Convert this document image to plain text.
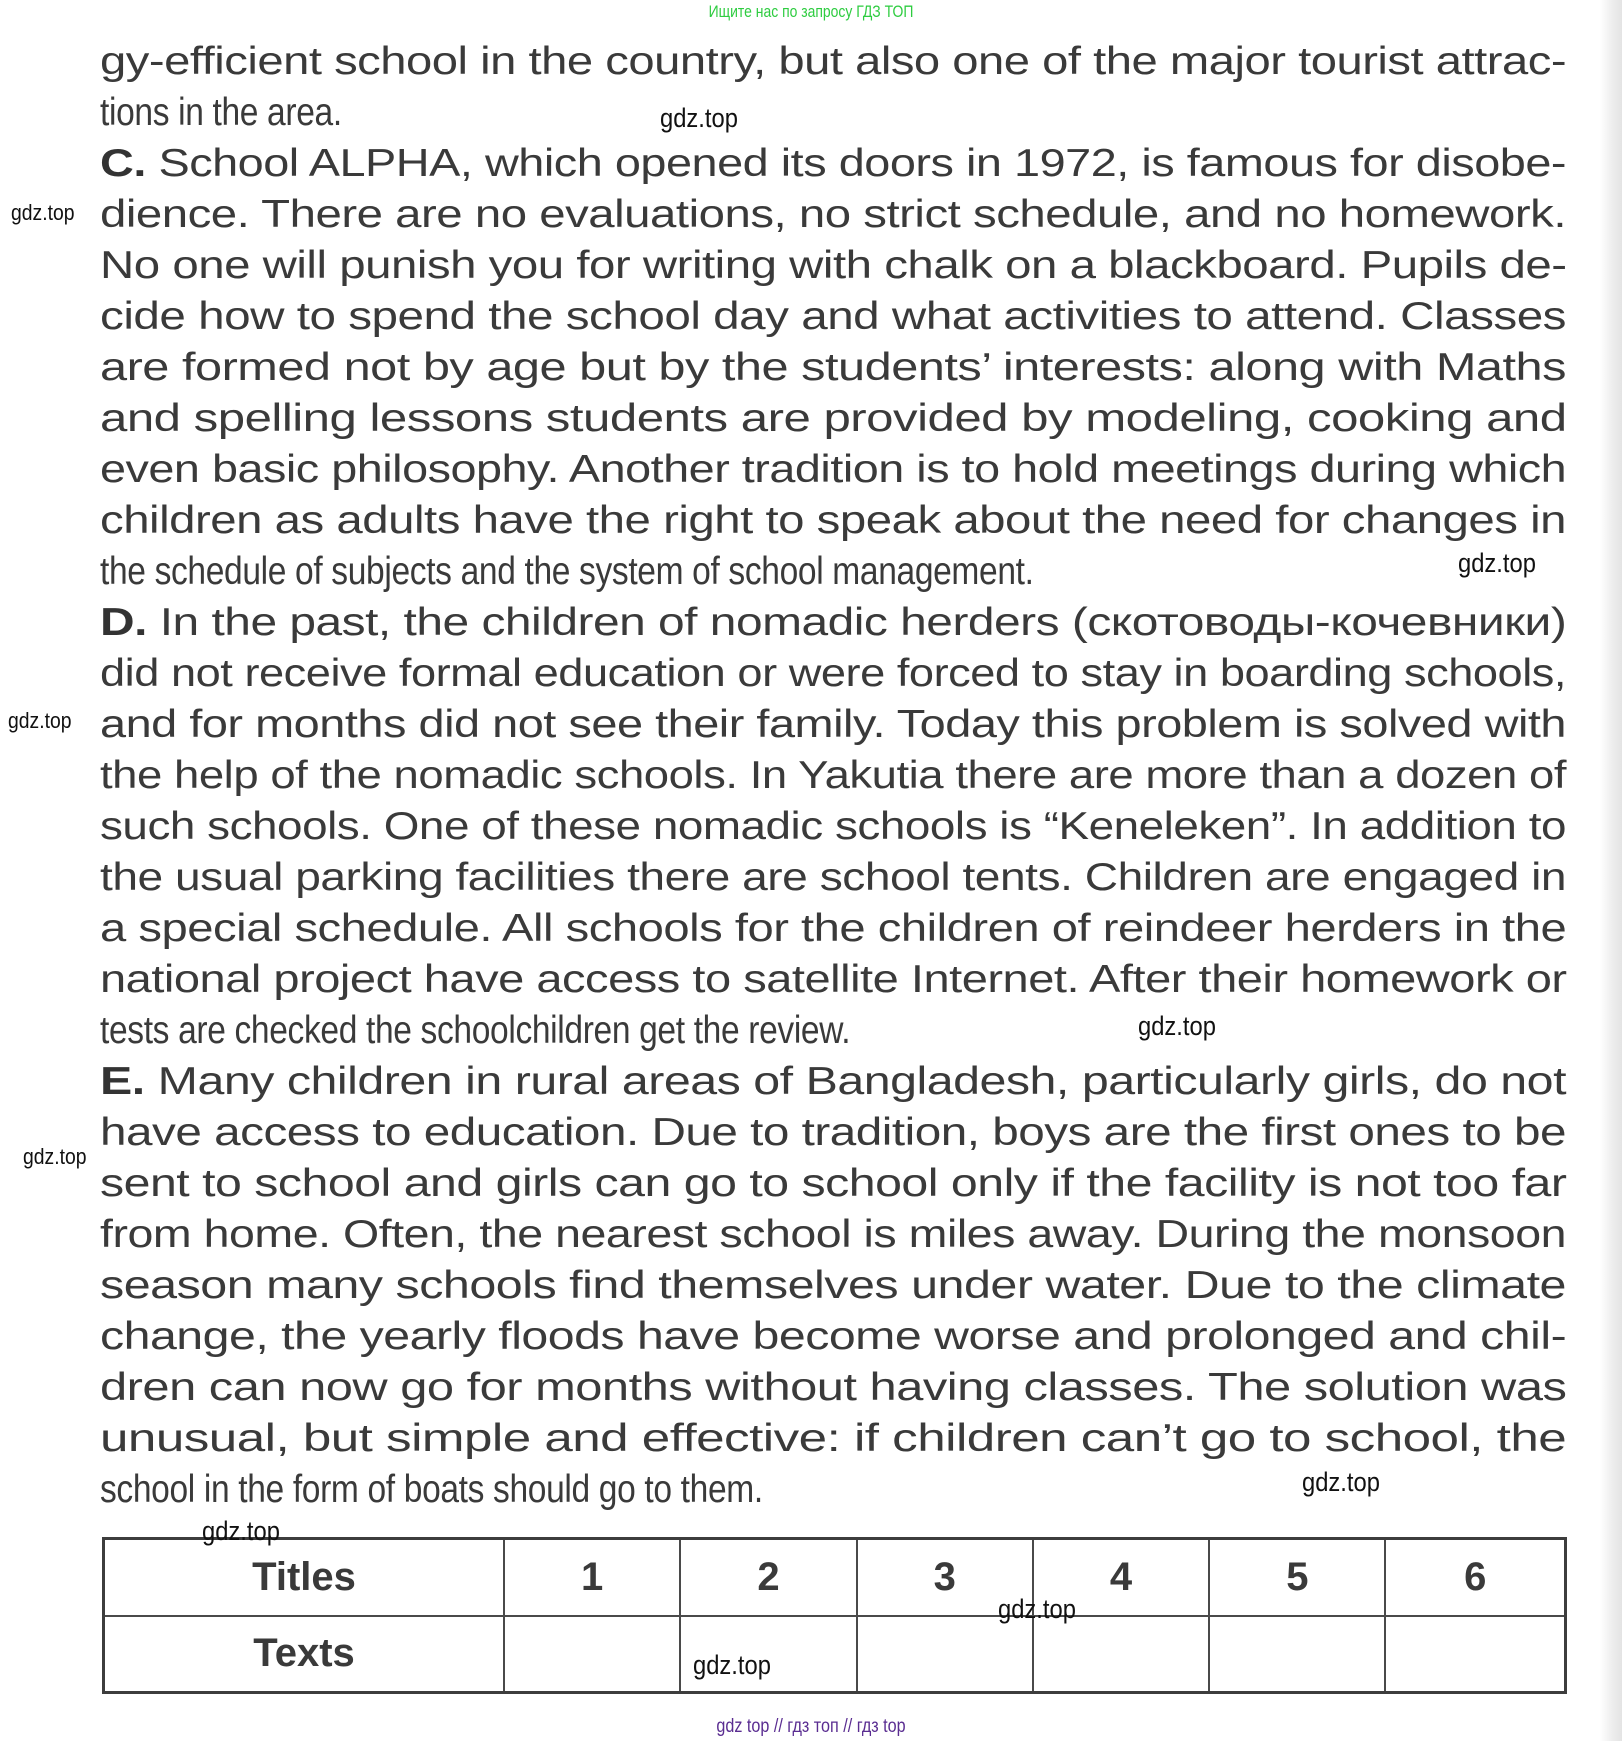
Ищите нас по запросу ГДЗ ТОП
gy-efficient school in the country, but also one of the major tourist attrac-
tions in the area.
C. School ALPHA, which opened its doors in 1972, is famous for disobe-
dience. There are no evaluations, no strict schedule, and no homework.
No one will punish you for writing with chalk on a blackboard. Pupils de-
cide how to spend the school day and what activities to attend. Classes
are formed not by age but by the students’ interests: along with Maths
and spelling lessons students are provided by modeling, cooking and
even basic philosophy. Another tradition is to hold meetings during which
children as adults have the right to speak about the need for changes in
the schedule of subjects and the system of school management.
D. In the past, the children of nomadic herders (скотоводы-кочевники)
did not receive formal education or were forced to stay in boarding schools,
and for months did not see their family. Today this problem is solved with
the help of the nomadic schools. In Yakutia there are more than a dozen of
such schools. One of these nomadic schools is “Keneleken”. In addition to
the usual parking facilities there are school tents. Children are engaged in
a special schedule. All schools for the children of reindeer herders in the
national project have access to satellite Internet. After their homework or
tests are checked the schoolchildren get the review.
E. Many children in rural areas of Bangladesh, particularly girls, do not
have access to education. Due to tradition, boys are the first ones to be
sent to school and girls can go to school only if the facility is not too far
from home. Often, the nearest school is miles away. During the monsoon
season many schools find themselves under water. Due to the climate
change, the yearly floods have become worse and prolonged and chil-
dren can now go for months without having classes. The solution was
unusual, but simple and effective: if children can’t go to school, the
school in the form of boats should go to them.
Titles	1	2	3	4	5	6
Texts						
gdz.top
gdz.top
gdz.top
gdz.top
gdz.top
gdz.top
gdz.top
gdz.top
gdz.top
gdz.top
gdz top // гдз топ // гдз top
